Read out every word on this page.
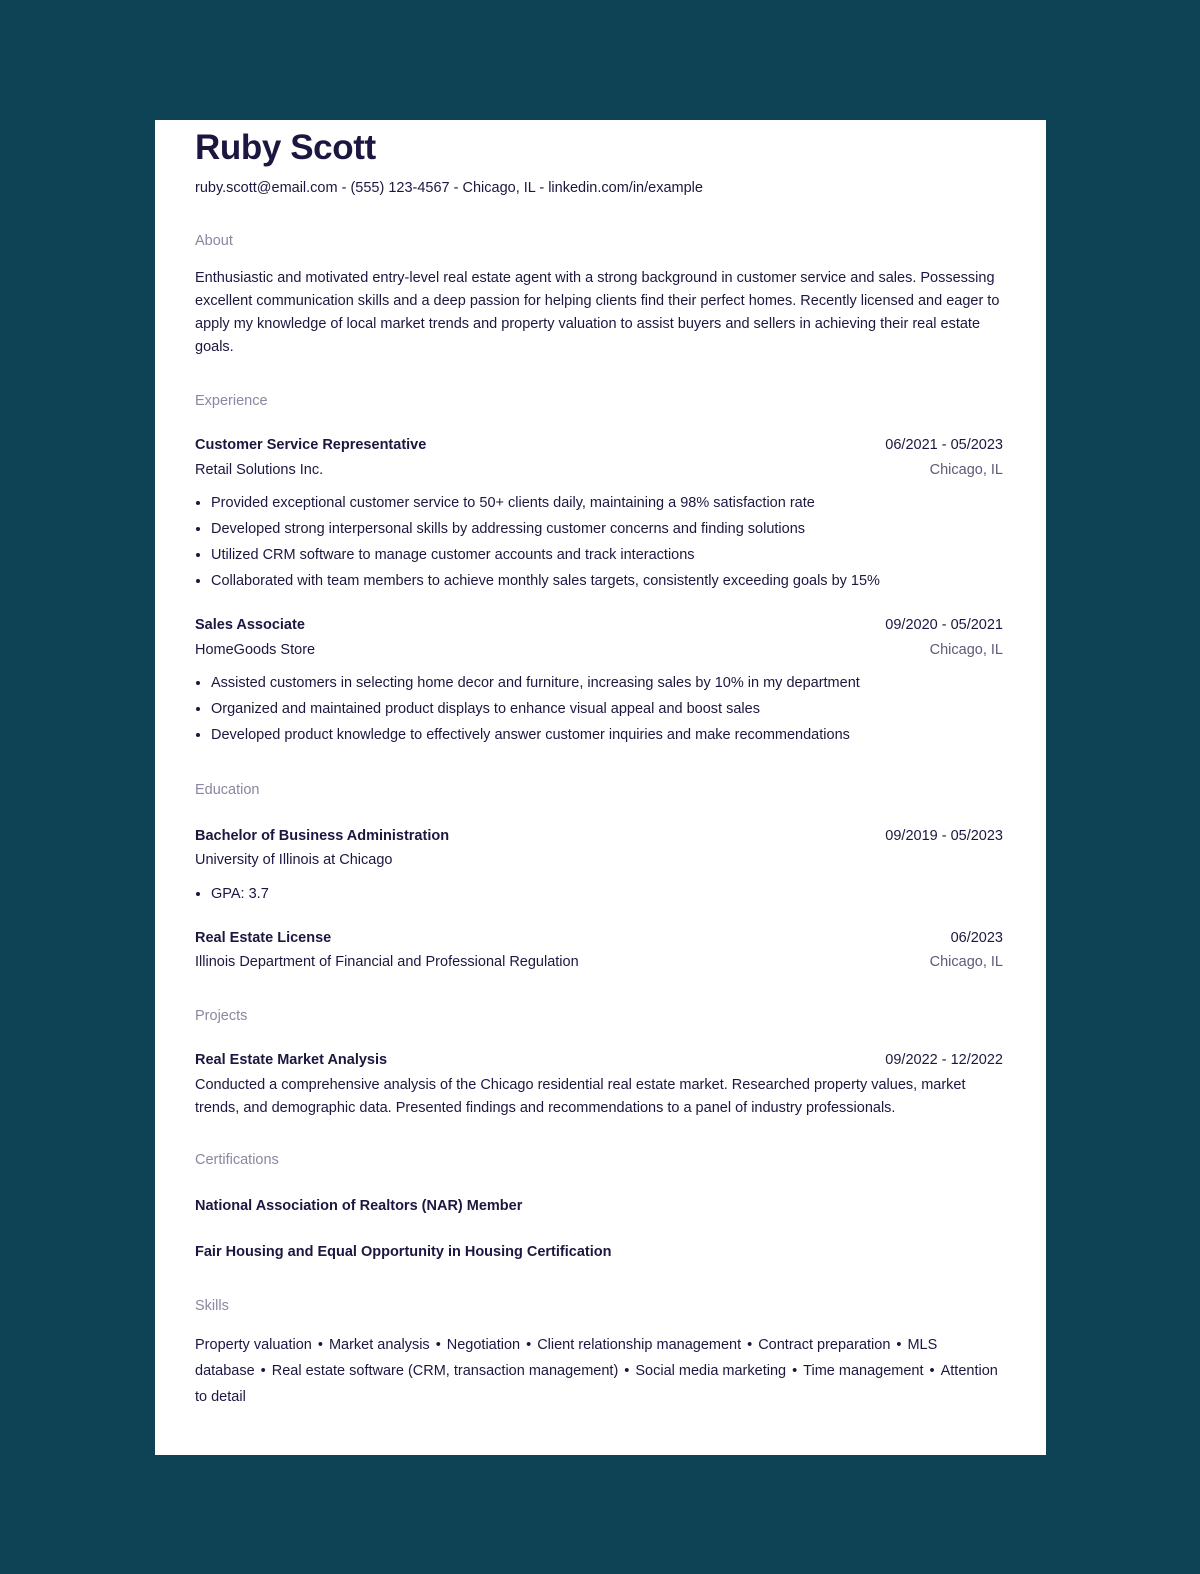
Ruby Scott
ruby.scott@email.com - (555) 123-4567 - Chicago, IL - linkedin.com/in/example
About

Enthusiastic and motivated entry-level real estate agent with a strong background in customer service and sales. Possessing excellent communication skills and a deep passion for helping clients find their perfect homes. Recently licensed and eager to apply my knowledge of local market trends and property valuation to assist buyers and sellers in achieving their real estate goals.

Experience
Customer Service Representative	06/2021 - 05/2023
Retail Solutions Inc.	Chicago, IL
• Provided exceptional customer service to 50+ clients daily, maintaining a 98% satisfaction rate
• Developed strong interpersonal skills by addressing customer concerns and finding solutions
• Utilized CRM software to manage customer accounts and track interactions
• Collaborated with team members to achieve monthly sales targets, consistently exceeding goals by 15%
Sales Associate	09/2020 - 05/2021
HomeGoods Store	Chicago, IL
• Assisted customers in selecting home decor and furniture, increasing sales by 10% in my department
• Organized and maintained product displays to enhance visual appeal and boost sales
• Developed product knowledge to effectively answer customer inquiries and make recommendations
Education
Bachelor of Business Administration	09/2019 - 05/2023
University of Illinois at Chicago
• GPA: 3.7
Real Estate License	06/2023
Illinois Department of Financial and Professional Regulation	Chicago, IL
Projects
Real Estate Market Analysis	09/2022 - 12/2022

Conducted a comprehensive analysis of the Chicago residential real estate market. Researched property values, market trends, and demographic data. Presented findings and recommendations to a panel of industry professionals.

Certifications
National Association of Realtors (NAR) Member
Fair Housing and Equal Opportunity in Housing Certification
Skills

Property valuation • Market analysis • Negotiation • Client relationship management • Contract preparation • MLS database • Real estate software (CRM, transaction management) • Social media marketing • Time management • Attention to detail
